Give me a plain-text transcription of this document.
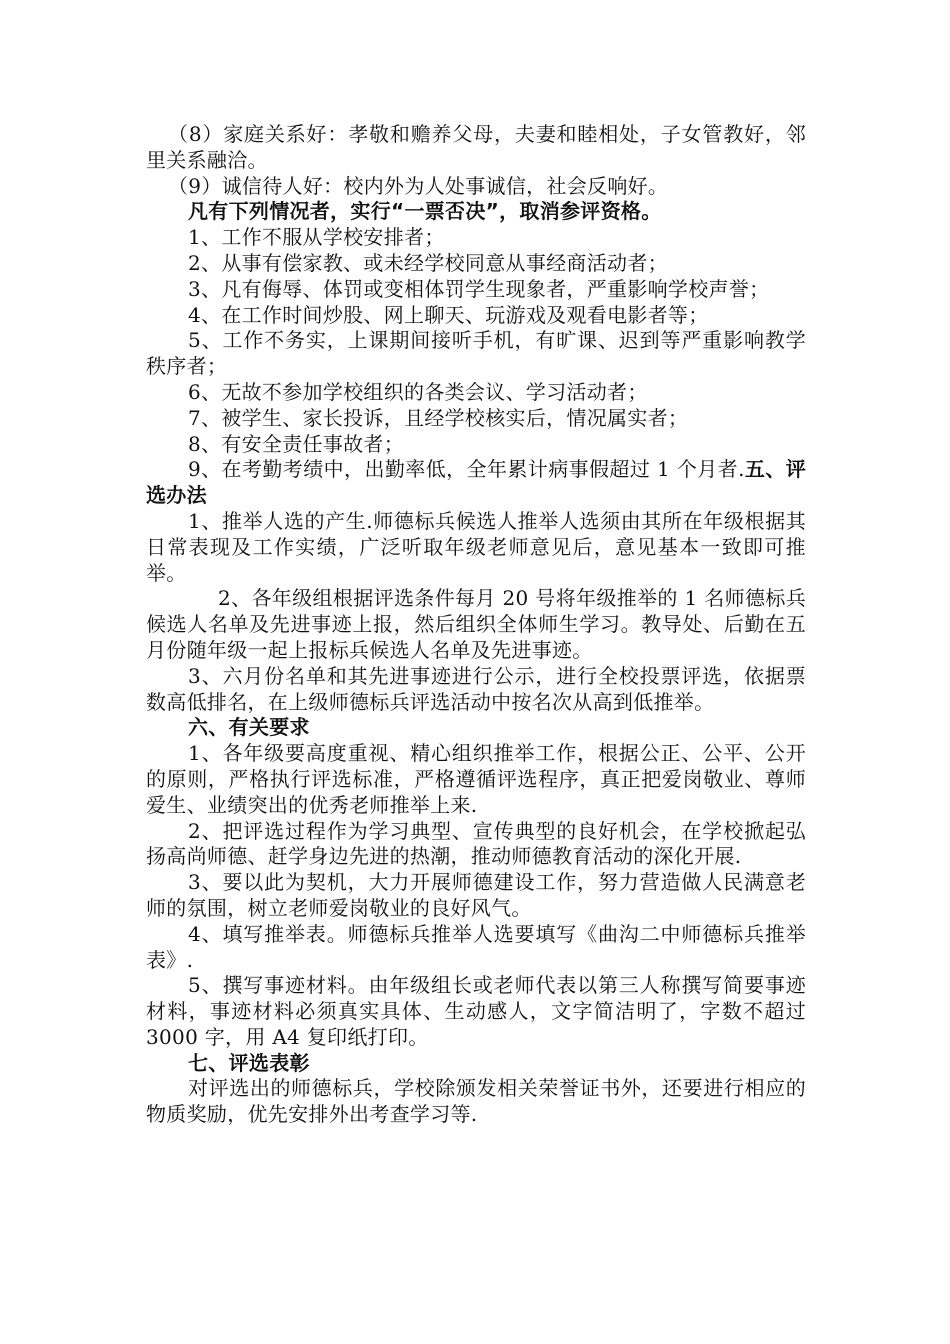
（8）家庭关系好：孝敬和赡养父母，夫妻和睦相处，子女管教好，邻里关系融洽。

（9）诚信待人好：校内外为人处事诚信，社会反响好。

凡有下列情况者，实行“一票否决”，取消参评资格。

1、工作不服从学校安排者；

2、从事有偿家教、或未经学校同意从事经商活动者；

3、凡有侮辱、体罚或变相体罚学生现象者，严重影响学校声誉；

4、在工作时间炒股、网上聊天、玩游戏及观看电影者等；

5、工作不务实，上课期间接听手机，有旷课、迟到等严重影响教学秩序者；

6、无故不参加学校组织的各类会议、学习活动者；

7、被学生、家长投诉，且经学校核实后，情况属实者；

8、有安全责任事故者；

9、在考勤考绩中，出勤率低，全年累计病事假超过 1 个月者.五、评选办法

1、推举人选的产生.师德标兵候选人推举人选须由其所在年级根据其日常表现及工作实绩，广泛听取年级老师意见后，意见基本一致即可推举。

2、各年级组根据评选条件每月 20 号将年级推举的 1 名师德标兵候选人名单及先进事迹上报，然后组织全体师生学习。教导处、后勤在五月份随年级一起上报标兵候选人名单及先进事迹。

3、六月份名单和其先进事迹进行公示，进行全校投票评选，依据票数高低排名，在上级师德标兵评选活动中按名次从高到低推举。

六、有关要求

1、各年级要高度重视、精心组织推举工作，根据公正、公平、公开的原则，严格执行评选标准，严格遵循评选程序，真正把爱岗敬业、尊师爱生、业绩突出的优秀老师推举上来.

2、把评选过程作为学习典型、宣传典型的良好机会，在学校掀起弘扬高尚师德、赶学身边先进的热潮，推动师德教育活动的深化开展.

3、要以此为契机，大力开展师德建设工作，努力营造做人民满意老师的氛围，树立老师爱岗敬业的良好风气。

4、填写推举表。师德标兵推举人选要填写《曲沟二中师德标兵推举表》.

5、撰写事迹材料。由年级组长或老师代表以第三人称撰写简要事迹材料，事迹材料必须真实具体、生动感人，文字简洁明了，字数不超过 3000 字，用 A4 复印纸打印。

七、评选表彰

对评选出的师德标兵，学校除颁发相关荣誉证书外，还要进行相应的物质奖励，优先安排外出考查学习等.
